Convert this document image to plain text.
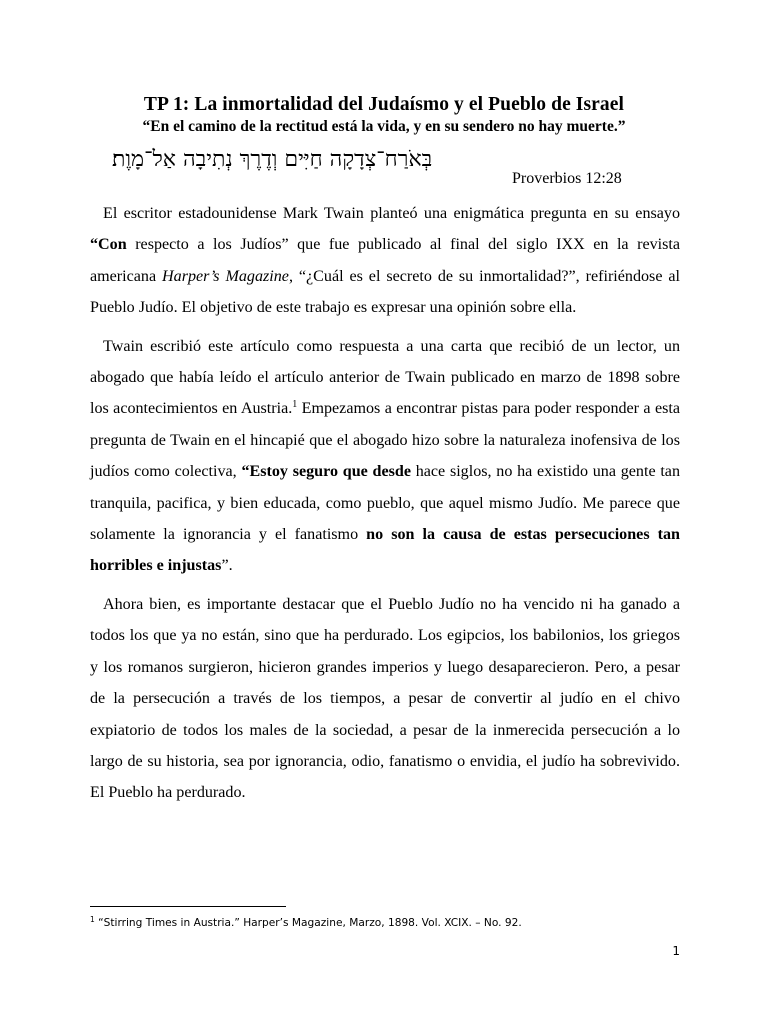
TP 1: La inmortalidad del Judaísmo y el Pueblo de Israel
“En el camino de la rectitud está la vida, y en su sendero no hay muerte.”
בְּאֹרַח־צְדָקָה חַיִּים וְדֶרֶךְ נְתִיבָה אַל־מָוֶת׃
Proverbios 12:28

El escritor estadounidense Mark Twain planteó una enigmática pregunta en su ensayo “Con respecto a los Judíos” que fue publicado al final del siglo IXX en la revista americana Harper’s Magazine, “¿Cuál es el secreto de su inmortalidad?”, refiriéndose al Pueblo Judío. El objetivo de este trabajo es expresar una opinión sobre ella.

Twain escribió este artículo como respuesta a una carta que recibió de un lector, un abogado que había leído el artículo anterior de Twain publicado en marzo de 1898 sobre los acontecimientos en Austria.$^1$ Empezamos a encontrar pistas para poder responder a esta pregunta de Twain en el hincapié que el abogado hizo sobre la naturaleza inofensiva de los judíos como colectiva, “Estoy seguro que desde hace siglos, no ha existido una gente tan tranquila, pacifica, y bien educada, como pueblo, que aquel mismo Judío. Me parece que solamente la ignorancia y el fanatismo no son la causa de estas persecuciones tan horribles e injustas”.

Ahora bien, es importante destacar que el Pueblo Judío no ha vencido ni ha ganado a todos los que ya no están, sino que ha perdurado. Los egipcios, los babilonios, los griegos y los romanos surgieron, hicieron grandes imperios y luego desaparecieron. Pero, a pesar de la persecución a través de los tiempos, a pesar de convertir al judío en el chivo expiatorio de todos los males de la sociedad, a pesar de la inmerecida persecución a lo largo de su historia, sea por ignorancia, odio, fanatismo o envidia, el judío ha sobrevivido. El Pueblo ha perdurado.

$^1$ “Stirring Times in Austria.” Harper’s Magazine, Marzo, 1898. Vol. XCIX. – No. 92.
1
